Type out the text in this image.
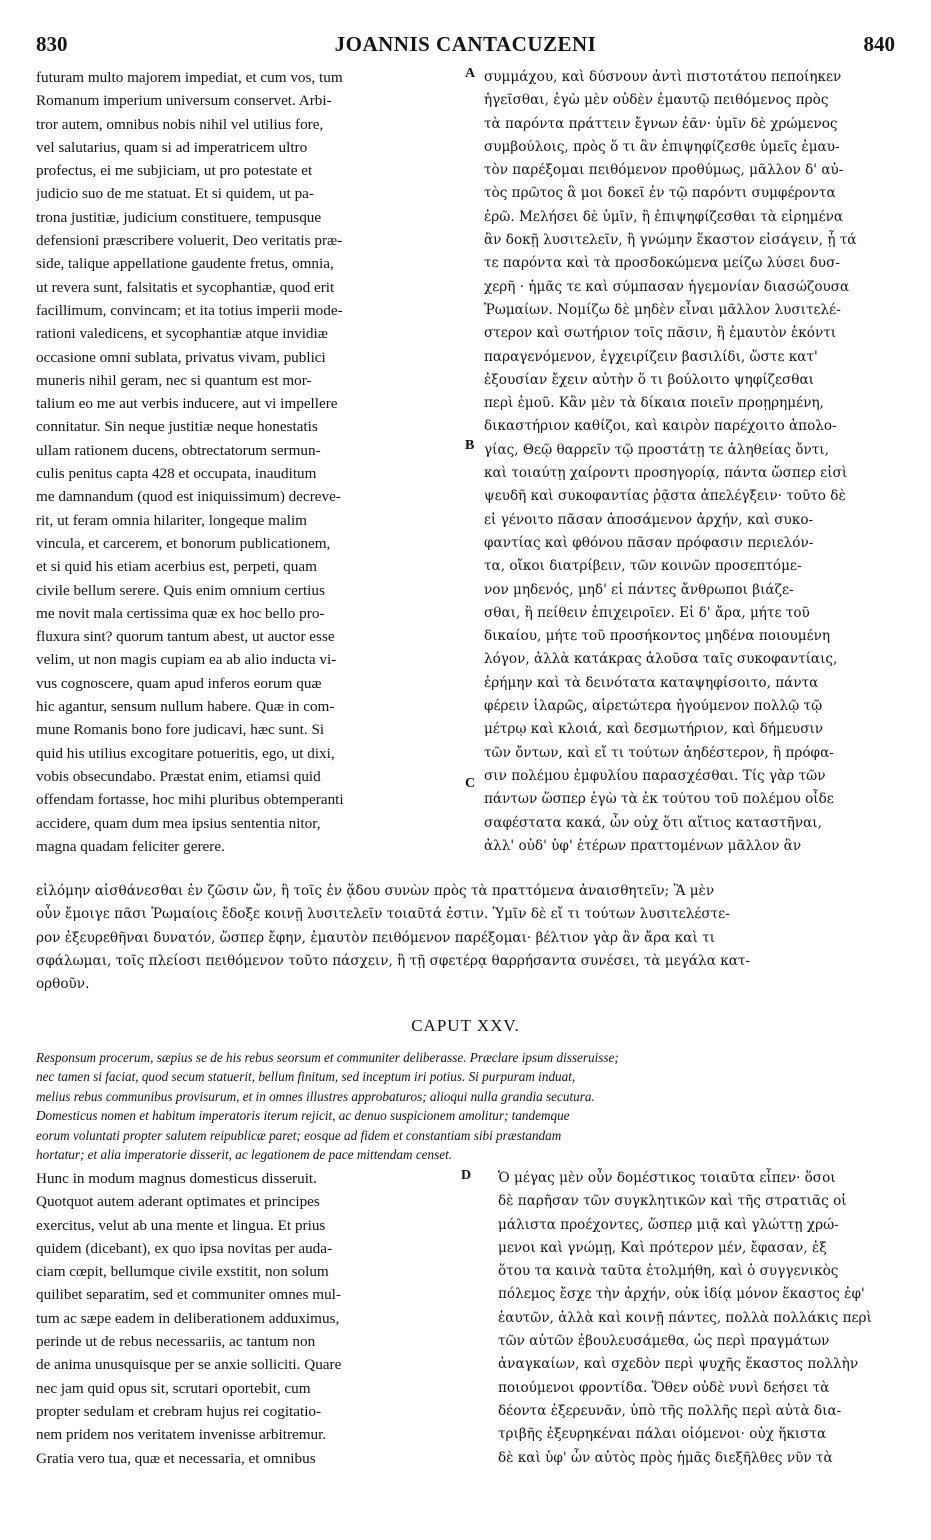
830	JOANNIS CANTACUZENI	840
futuram multo majorem impediat, et cum vos, tum
Romanum imperium universum conservet. Arbi-
tror autem, omnibus nobis nihil vel utilius fore,
vel salutarius, quam si ad imperatricem ultro
profectus, ei me subjiciam, ut pro potestate et
judicio suo de me statuat. Et si quidem, ut pa-
trona justitiæ, judicium constituere, tempusque
defensioni præscribere voluerit, Deo veritatis præ-
side, talique appellatione gaudente fretus, omnia,
ut revera sunt, falsitatis et sycophantiæ, quod erit
facillimum, convincam; et ita totius imperii mode-
rationi valedicens, et sycophantiæ atque invidiæ
occasione omni sublata, privatus vivam, publici
muneris nihil geram, nec si quantum est mor-
talium eo me aut verbis inducere, aut vi impellere
connitatur. Sin neque justitiæ neque honestatis
ullam rationem ducens, obtrectatorum sermun-
culis penitus capta 428 et occupata, inauditum
me damnandum (quod est iniquissimum) decreve-
rit, ut feram omnia hilariter, longeque malim
vincula, et carcerem, et bonorum publicationem,
et si quid his etiam acerbius est, perpeti, quam
civile bellum serere. Quis enim omnium certius
me novit mala certissima quæ ex hoc bello pro-
fluxura sint? quorum tantum abest, ut auctor esse
velim, ut non magis cupiam ea ab alio inducta vi-
vus cognoscere, quam apud inferos eorum quæ
hic agantur, sensum nullum habere. Quæ in com-
mune Romanis bono fore judicavi, hæc sunt. Si
quid his utilius excogitare potueritis, ego, ut dixi,
vobis obsecundabo. Præstat enim, etiamsi quid
offendam fortasse, hoc mihi pluribus obtemperanti
accidere, quam dum mea ipsius sententia nitor,
magna quadam feliciter gerere.
συμμάχου, καὶ δύσνουν ἀντὶ πιστοτάτου πεποίηκεν
ἡγεῖσθαι, ἐγὼ μὲν οὐδὲν ἐμαυτῷ πειθόμενος πρὸς
τὰ παρόντα πράττειν ἔγνων ἐᾶν· ὑμῖν δὲ χρώμενος
συμβούλοις, πρὸς ὅ τι ἂν ἐπιψηφίζεσθε ὑμεῖς ἐμαυ-
τὸν παρέξομαι πειθόμενον προθύμως, μᾶλλον δ' αὐ-
τὸς πρῶτος ἃ μοι δοκεῖ ἐν τῷ παρόντι συμφέροντα
ἐρῶ. Μελήσει δὲ ὑμῖν, ἢ ἐπιψηφίζεσθαι τὰ εἰρημένα
ἂν δοκῇ λυσιτελεῖν, ἢ γνώμην ἕκαστον εἰσάγειν, ᾗ τά
τε παρόντα καὶ τὰ προσδοκώμενα μείζω λύσει δυσ-
χερῆ · ἡμᾶς τε καὶ σύμπασαν ἡγεμονίαν διασώζουσα
Ῥωμαίων. Νομίζω δὲ μηδὲν εἶναι μᾶλλον λυσιτελέ-
στερον καὶ σωτήριον τοῖς πᾶσιν, ἢ ἐμαυτὸν ἑκόντι
παραγενόμενον, ἐγχειρίζειν βασιλίδι, ὥστε κατ'
ἐξουσίαν ἔχειν αὐτὴν ὅ τι βούλοιτο ψηφίζεσθαι
περὶ ἐμοῦ. Κἂν μὲν τὰ δίκαια ποιεῖν προῃρημένη,
δικαστήριον καθίζοι, καὶ καιρὸν παρέχοιτο ἀπολο-
γίας, Θεῷ θαρρεῖν τῷ προστάτῃ τε ἀληθείας ὄντι,
καὶ τοιαύτῃ χαίροντι προσηγορίᾳ, πάντα ὥσπερ εἰσὶ
ψευδῆ καὶ συκοφαντίας ῥᾷστα ἀπελέγξειν· τοῦτο δὲ
εἰ γένοιτο πᾶσαν ἀποσάμενον ἀρχήν, καὶ συκο-
φαντίας καὶ φθόνου πᾶσαν πρόφασιν περιελόν-
τα, οἴκοι διατρίβειν, τῶν κοινῶν προσεπτόμε-
νον μηδενός, μηδ' εἰ πάντες ἄνθρωποι βιάζε-
σθαι, ἢ πείθειν ἐπιχειροῖεν. Εἰ δ' ἄρα, μήτε τοῦ
δικαίου, μήτε τοῦ προσήκοντος μηδένα ποιουμένη
λόγον, ἀλλὰ κατάκρας ἁλοῦσα ταῖς συκοφαντίαις,
ἐρήμην καὶ τὰ δεινότατα καταψηφίσοιτο, πάντα
φέρειν ἱλαρῶς, αἱρετώτερα ἡγούμενον πολλῷ τῷ
μέτρῳ καὶ κλοιά, καὶ δεσμωτήριον, καὶ δήμευσιν
τῶν ὄντων, καὶ εἴ τι τούτων ἀηδέστερον, ἢ πρόφα-
σιν πολέμου ἐμφυλίου παρασχέσθαι. Τίς γὰρ τῶν
πάντων ὥσπερ ἐγὼ τὰ ἐκ τούτου τοῦ πολέμου οἶδε
σαφέστατα κακά, ὧν οὐχ ὅτι αἴτιος καταστῆναι,
ἀλλ' οὐδ' ὑφ' ἑτέρων πραττομένων μᾶλλον ἂν
A
B
C
D
εἱλόμην αἰσθάνεσθαι ἐν ζῶσιν ὤν, ἢ τοῖς ἐν ᾅδου συνὼν πρὸς τὰ πραττόμενα ἀναισθητεῖν; Ἃ μὲν
οὖν ἔμοιγε πᾶσι Ῥωμαίοις ἔδοξε κοινῇ λυσιτελεῖν τοιαῦτά ἐστιν. Ὑμῖν δὲ εἴ τι τούτων λυσιτελέστε-
ρον ἐξευρεθῆναι δυνατόν, ὥσπερ ἔφην, ἐμαυτὸν πειθόμενον παρέξομαι· βέλτιον γὰρ ἂν ἄρα καὶ τι
σφάλωμαι, τοῖς πλείοσι πειθόμενον τοῦτο πάσχειν, ἢ τῇ σφετέρᾳ θαρρήσαντα συνέσει, τὰ μεγάλα κατ-
ορθοῦν.
CAPUT XXV.
Responsum procerum, sæpius se de his rebus seorsum et communiter deliberasse. Præclare ipsum disseruisse;
nec tamen si faciat, quod secum statuerit, bellum finitum, sed inceptum iri potius. Si purpuram induat,
melius rebus communibus provisurum, et in omnes illustres approbaturos; alioqui nulla grandia secutura.
Domesticus nomen et habitum imperatoris iterum rejicit, ac denuo suspicionem amolitur; tandemque
eorum voluntati propter salutem reipublicæ paret; eosque ad fidem et constantiam sibi præstandam
hortatur; et alia imperatorie disserit, ac legationem de pace mittendam censet.
Hunc in modum magnus domesticus disseruit.
Quotquot autem aderant optimates et principes
exercitus, velut ab una mente et lingua. Et prius
quidem (dicebant), ex quo ipsa novitas per auda-
ciam cœpit, bellumque civile exstitit, non solum
quilibet separatim, sed et communiter omnes mul-
tum ac sæpe eadem in deliberationem adduximus,
perinde ut de rebus necessariis, ac tantum non
de anima unusquisque per se anxie solliciti. Quare
nec jam quid opus sit, scrutari oportebit, cum
propter sedulam et crebram hujus rei cogitatio-
nem pridem nos veritatem invenisse arbitremur.
Gratia vero tua, quæ et necessaria, et omnibus
Ὁ μέγας μὲν οὖν δομέστικος τοιαῦτα εἶπεν· ὅσοι
δὲ παρῆσαν τῶν συγκλητικῶν καὶ τῆς στρατιᾶς οἱ
μάλιστα προέχοντες, ὥσπερ μιᾷ καὶ γλώττῃ χρώ-
μενοι καὶ γνώμῃ, Καὶ πρότερον μέν, ἔφασαν, ἐξ
ὅτου τα καινὰ ταῦτα ἐτολμήθη, καὶ ὁ συγγενικὸς
πόλεμος ἔσχε τὴν ἀρχήν, οὐκ ἰδίᾳ μόνον ἕκαστος ἐφ'
ἑαυτῶν, ἀλλὰ καὶ κοινῇ πάντες, πολλὰ πολλάκις περὶ
τῶν αὐτῶν ἐβουλευσάμεθα, ὡς περὶ πραγμάτων
ἀναγκαίων, καὶ σχεδὸν περὶ ψυχῆς ἕκαστος πολλὴν
ποιούμενοι φροντίδα. Ὅθεν οὐδὲ νυνὶ δεήσει τὰ
δέοντα ἐξερευνᾶν, ὑπὸ τῆς πολλῆς περὶ αὐτὰ δια-
τριβῆς ἐξευρηκέναι πάλαι οἰόμενοι· οὐχ ἥκιστα
δὲ καὶ ὑφ' ὧν αὐτὸς πρὸς ἡμᾶς διεξῆλθες νῦν τὰ
